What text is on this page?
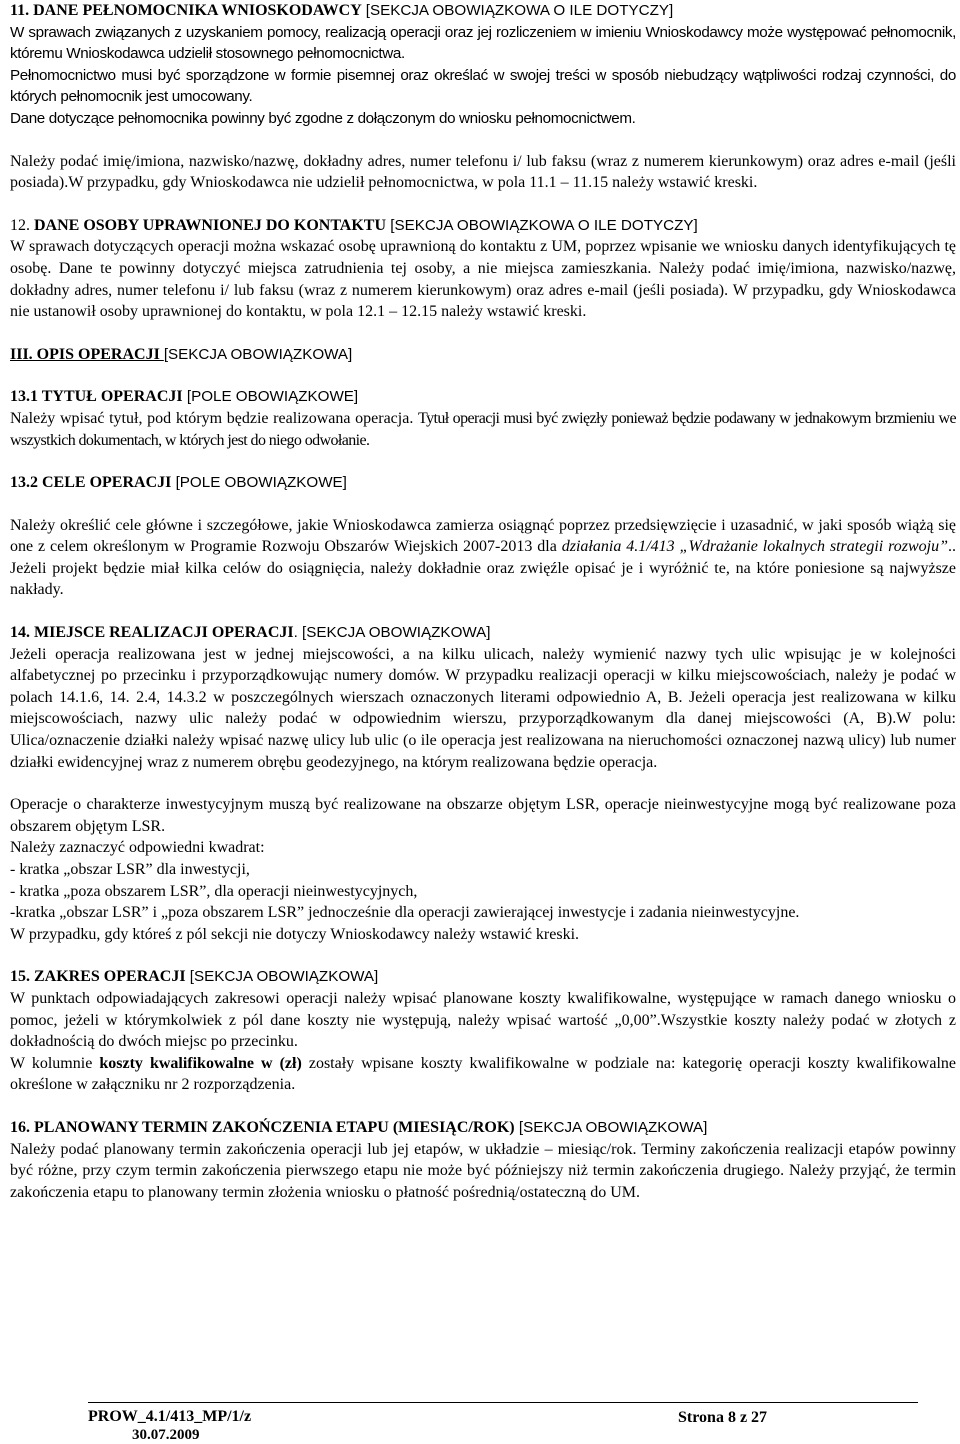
11. DANE PEŁNOMOCNIKA WNIOSKODAWCY [SEKCJA OBOWIĄZKOWA O ILE DOTYCZY]

W sprawach związanych z uzyskaniem pomocy, realizacją operacji oraz jej rozliczeniem w imieniu Wnioskodawcy może występować pełnomocnik, któremu Wnioskodawca udzielił stosownego pełnomocnictwa.

Pełnomocnictwo musi być sporządzone w formie pisemnej oraz określać w swojej treści w sposób niebudzący wątpliwości rodzaj czynności, do których pełnomocnik jest umocowany.

Dane dotyczące pełnomocnika powinny być zgodne z dołączonym do wniosku pełnomocnictwem.

Należy podać imię/imiona, nazwisko/nazwę, dokładny adres, numer telefonu i/ lub faksu (wraz z numerem kierunkowym) oraz adres e-mail (jeśli posiada).W przypadku, gdy Wnioskodawca nie udzielił pełnomocnictwa, w pola 11.1 – 11.15 należy wstawić kreski.

12. DANE OSOBY UPRAWNIONEJ DO KONTAKTU [SEKCJA OBOWIĄZKOWA O ILE DOTYCZY]

W sprawach dotyczących operacji można wskazać osobę uprawnioną do kontaktu z UM, poprzez wpisanie we wniosku danych identyfikujących tę osobę. Dane te powinny dotyczyć miejsca zatrudnienia tej osoby, a nie miejsca zamieszkania. Należy podać imię/imiona, nazwisko/nazwę, dokładny adres, numer telefonu i/ lub faksu (wraz z numerem kierunkowym) oraz adres e-mail (jeśli posiada). W przypadku, gdy Wnioskodawca nie ustanowił osoby uprawnionej do kontaktu, w pola 12.1 – 12.15 należy wstawić kreski.

III. OPIS OPERACJI [SEKCJA OBOWIĄZKOWA]

13.1 TYTUŁ OPERACJI [POLE OBOWIĄZKOWE]

Należy wpisać tytuł, pod którym będzie realizowana operacja. Tytuł operacji musi być zwięzły ponieważ będzie podawany w jednakowym brzmieniu we wszystkich dokumentach, w których jest do niego odwołanie.

13.2 CELE OPERACJI [POLE OBOWIĄZKOWE]

Należy określić cele główne i szczegółowe, jakie Wnioskodawca zamierza osiągnąć poprzez przedsięwzięcie i uzasadnić, w jaki sposób wiążą się one z celem określonym w Programie Rozwoju Obszarów Wiejskich 2007-2013 dla działania 4.1/413 „Wdrażanie lokalnych strategii rozwoju”.. Jeżeli projekt będzie miał kilka celów do osiągnięcia, należy dokładnie oraz zwięźle opisać je i wyróżnić te, na które poniesione są najwyższe nakłady.

14. MIEJSCE REALIZACJI OPERACJI. [SEKCJA OBOWIĄZKOWA]

Jeżeli operacja realizowana jest w jednej miejscowości, a na kilku ulicach, należy wymienić nazwy tych ulic wpisując je w kolejności alfabetycznej po przecinku i przyporządkowując numery domów. W przypadku realizacji operacji w kilku miejscowościach, należy je podać w polach 14.1.6, 14. 2.4, 14.3.2 w poszczególnych wierszach oznaczonych literami odpowiednio A, B. Jeżeli operacja jest realizowana w kilku miejscowościach, nazwy ulic należy podać w odpowiednim wierszu, przyporządkowanym dla danej miejscowości (A, B).W polu: Ulica/oznaczenie działki należy wpisać nazwę ulicy lub ulic (o ile operacja jest realizowana na nieruchomości oznaczonej nazwą ulicy) lub numer działki ewidencyjnej wraz z numerem obrębu geodezyjnego, na którym realizowana będzie operacja.

Operacje o charakterze inwestycyjnym muszą być realizowane na obszarze objętym LSR, operacje nieinwestycyjne mogą być realizowane poza obszarem objętym LSR.

Należy zaznaczyć odpowiedni kwadrat:

- kratka „obszar LSR” dla inwestycji,

- kratka „poza obszarem LSR”, dla operacji nieinwestycyjnych,

-kratka „obszar LSR” i „poza obszarem LSR” jednocześnie dla operacji zawierającej inwestycje i zadania nieinwestycyjne.

W przypadku, gdy któreś z pól sekcji nie dotyczy Wnioskodawcy należy wstawić kreski.

15. ZAKRES OPERACJI [SEKCJA OBOWIĄZKOWA]

W punktach odpowiadających zakresowi operacji należy wpisać planowane koszty kwalifikowalne, występujące w ramach danego wniosku o pomoc, jeżeli w którymkolwiek z pól dane koszty nie występują, należy wpisać wartość „0,00”.Wszystkie koszty należy podać w złotych z dokładnością do dwóch miejsc po przecinku.

W kolumnie koszty kwalifikowalne w (zł) zostały wpisane koszty kwalifikowalne w podziale na: kategorię operacji koszty kwalifikowalne określone w załączniku nr 2 rozporządzenia.

16. PLANOWANY TERMIN ZAKOŃCZENIA ETAPU (MIESIĄC/ROK) [SEKCJA OBOWIĄZKOWA]

Należy podać planowany termin zakończenia operacji lub jej etapów, w układzie – miesiąc/rok. Terminy zakończenia realizacji etapów powinny być różne, przy czym termin zakończenia pierwszego etapu nie może być późniejszy niż termin zakończenia drugiego. Należy przyjąć, że termin zakończenia etapu to planowany termin złożenia wniosku o płatność pośrednią/ostateczną do UM.

PROW_4.1/413_MP/1/z
30.07.2009
Strona 8 z 27
